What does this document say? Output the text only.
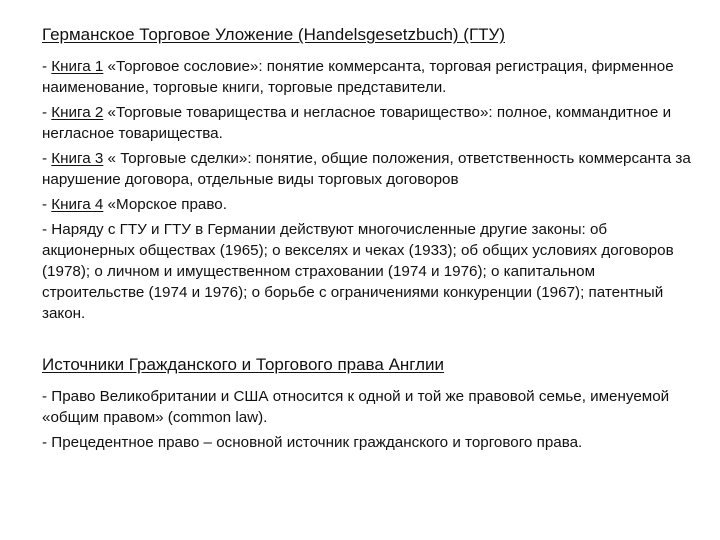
Германское Торговое Уложение (Handelsgesetzbuch) (ГТУ)
- Книга 1 «Торговое сословие»: понятие коммерсанта, торговая регистрация, фирменное наименование, торговые книги, торговые представители.
- Книга 2 «Торговые товарищества и негласное товарищество»: полное, коммандитное и негласное товарищества.
- Книга 3 « Торговые сделки»: понятие, общие положения, ответственность коммерсанта за нарушение договора, отдельные виды торговых договоров
- Книга 4 «Морское право.
- Наряду с ГТУ и ГТУ в Германии действуют многочисленные другие законы: об акционерных обществах (1965); о векселях и чеках (1933); об общих условиях договоров (1978); о личном и имущественном страховании (1974 и 1976); о капитальном строительстве (1974 и 1976); о борьбе с ограничениями конкуренции (1967); патентный закон.
Источники Гражданского и Торгового права Англии
- Право Великобритании и США относится к одной и той же правовой семье, именуемой «общим правом» (common law).
- Прецедентное право – основной источник гражданского и торгового права.
